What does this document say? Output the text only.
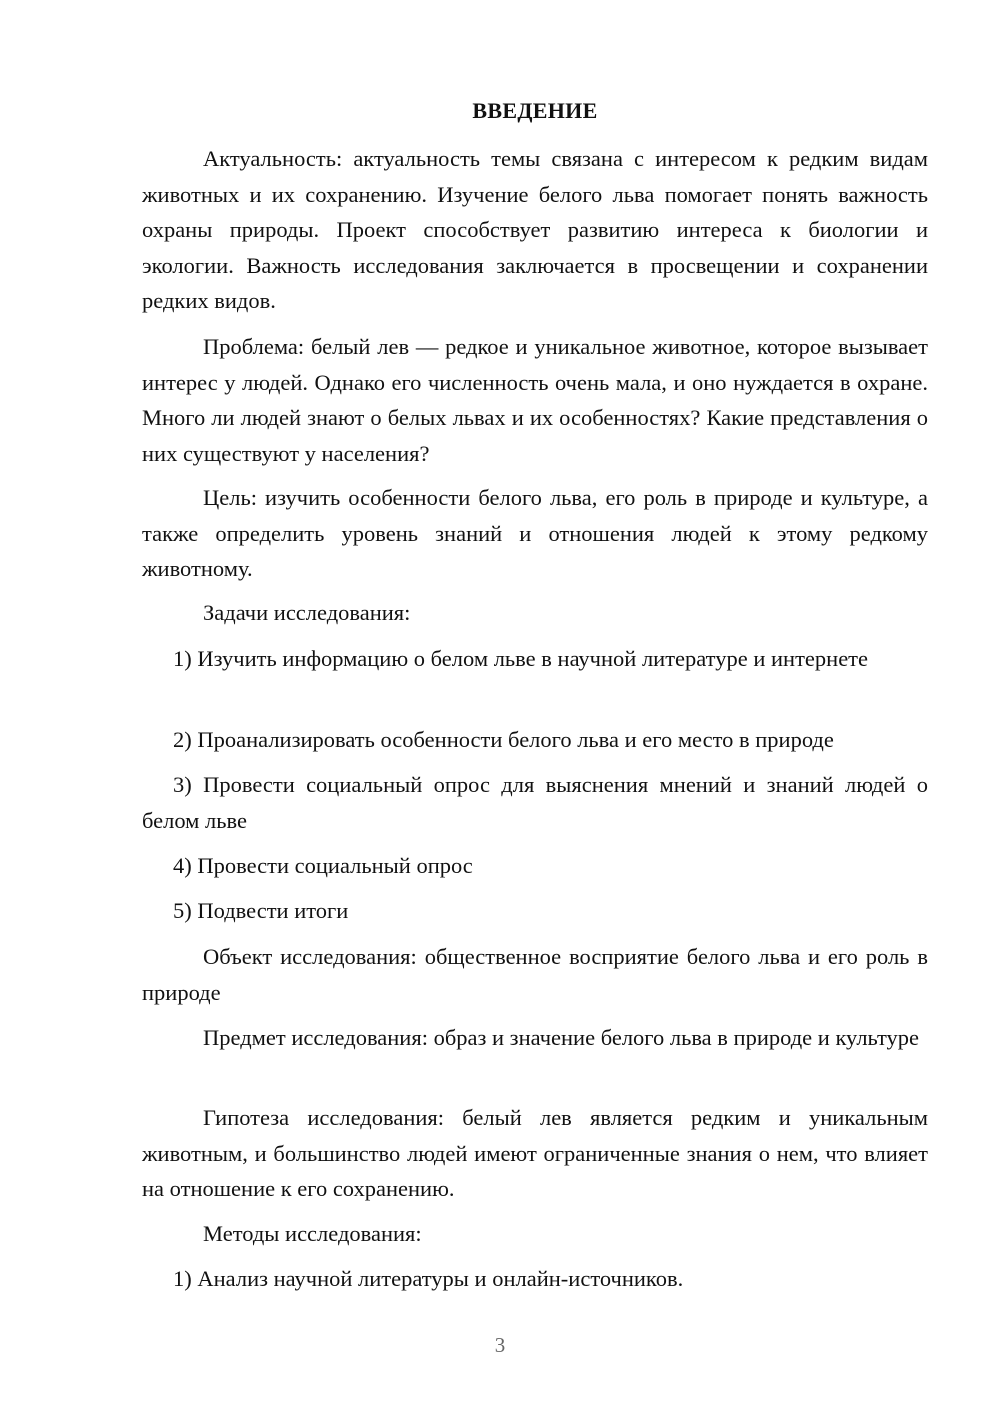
ВВЕДЕНИЕ

Актуальность: актуальность темы связана с интересом к редким видам животных и их сохранению. Изучение белого льва помогает понять важность охраны природы. Проект способствует развитию интереса к биологии и экологии. Важность исследования заключается в просвещении и сохранении редких видов.

Проблема: белый лев — редкое и уникальное животное, которое вызывает интерес у людей. Однако его численность очень мала, и оно нуждается в охране. Много ли людей знают о белых львах и их особенностях? Какие представления о них существуют у населения?

Цель: изучить особенности белого льва, его роль в природе и культуре, а также определить уровень знаний и отношения людей к этому редкому животному.

Задачи исследования:

1) Изучить информацию о белом льве в научной литературе и интернете

2) Проанализировать особенности белого льва и его место в природе

3) Провести социальный опрос для выяснения мнений и знаний людей о белом льве

4) Провести социальный опрос

5) Подвести итоги

Объект исследования: общественное восприятие белого льва и его роль в природе

Предмет исследования: образ и значение белого льва в природе и культуре

Гипотеза исследования: белый лев является редким и уникальным животным, и большинство людей имеют ограниченные знания о нем, что влияет на отношение к его сохранению.

Методы исследования:

1) Анализ научной литературы и онлайн-источников.

3
